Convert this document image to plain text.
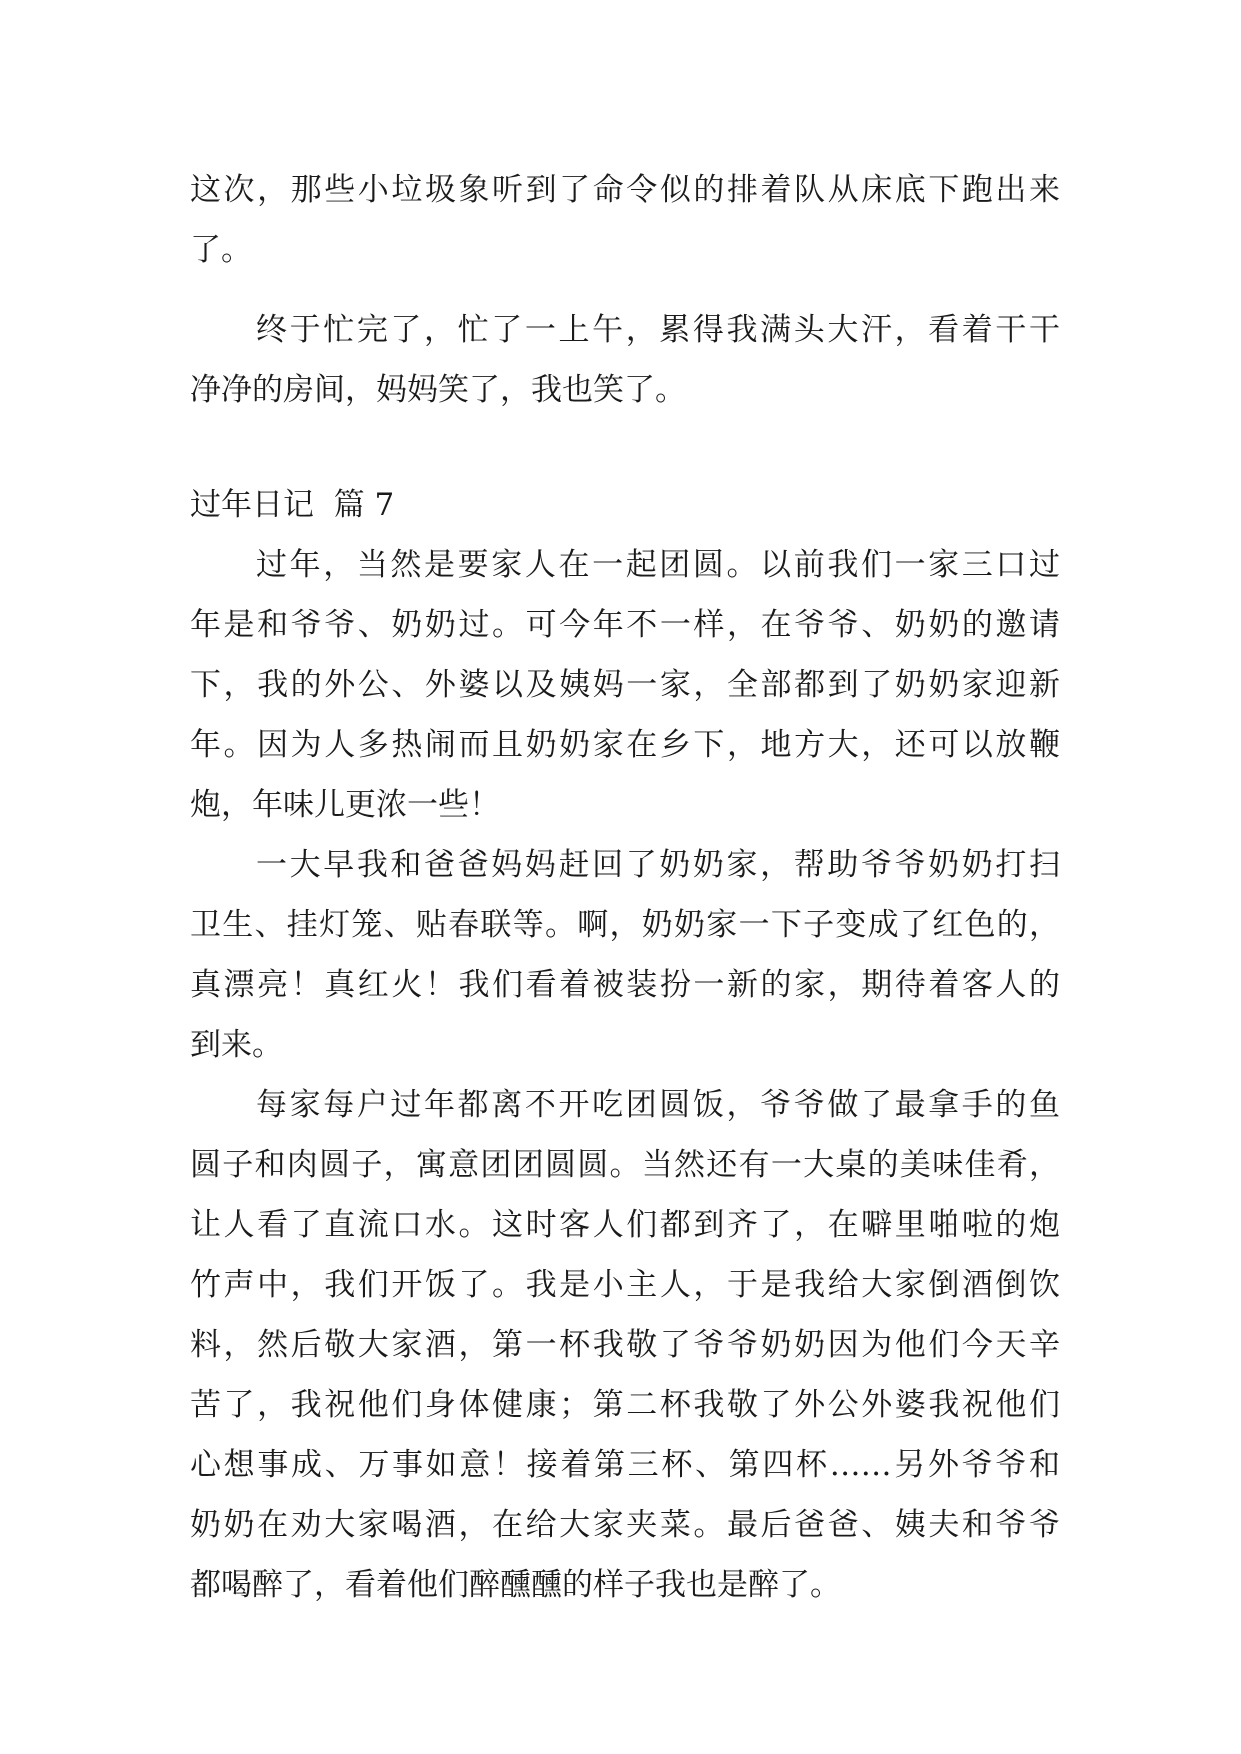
这次，那些小垃圾象听到了命令似的排着队从床底下跑出来
了。
终于忙完了，忙了一上午，累得我满头大汗，看着干干
净净的房间，妈妈笑了，我也笑了。
过年日记  篇 7
过年，当然是要家人在一起团圆。以前我们一家三口过
年是和爷爷、奶奶过。可今年不一样，在爷爷、奶奶的邀请
下，我的外公、外婆以及姨妈一家，全部都到了奶奶家迎新
年。因为人多热闹而且奶奶家在乡下，地方大，还可以放鞭
炮，年味儿更浓一些！
一大早我和爸爸妈妈赶回了奶奶家，帮助爷爷奶奶打扫
卫生、挂灯笼、贴春联等。啊，奶奶家一下子变成了红色的，
真漂亮！真红火！我们看着被装扮一新的家，期待着客人的
到来。
每家每户过年都离不开吃团圆饭，爷爷做了最拿手的鱼
圆子和肉圆子，寓意团团圆圆。当然还有一大桌的美味佳肴，
让人看了直流口水。这时客人们都到齐了，在噼里啪啦的炮
竹声中，我们开饭了。我是小主人，于是我给大家倒酒倒饮
料，然后敬大家酒，第一杯我敬了爷爷奶奶因为他们今天辛
苦了，我祝他们身体健康；第二杯我敬了外公外婆我祝他们
心想事成、万事如意！接着第三杯、第四杯……另外爷爷和
奶奶在劝大家喝酒，在给大家夹菜。最后爸爸、姨夫和爷爷
都喝醉了，看着他们醉醺醺的样子我也是醉了。
